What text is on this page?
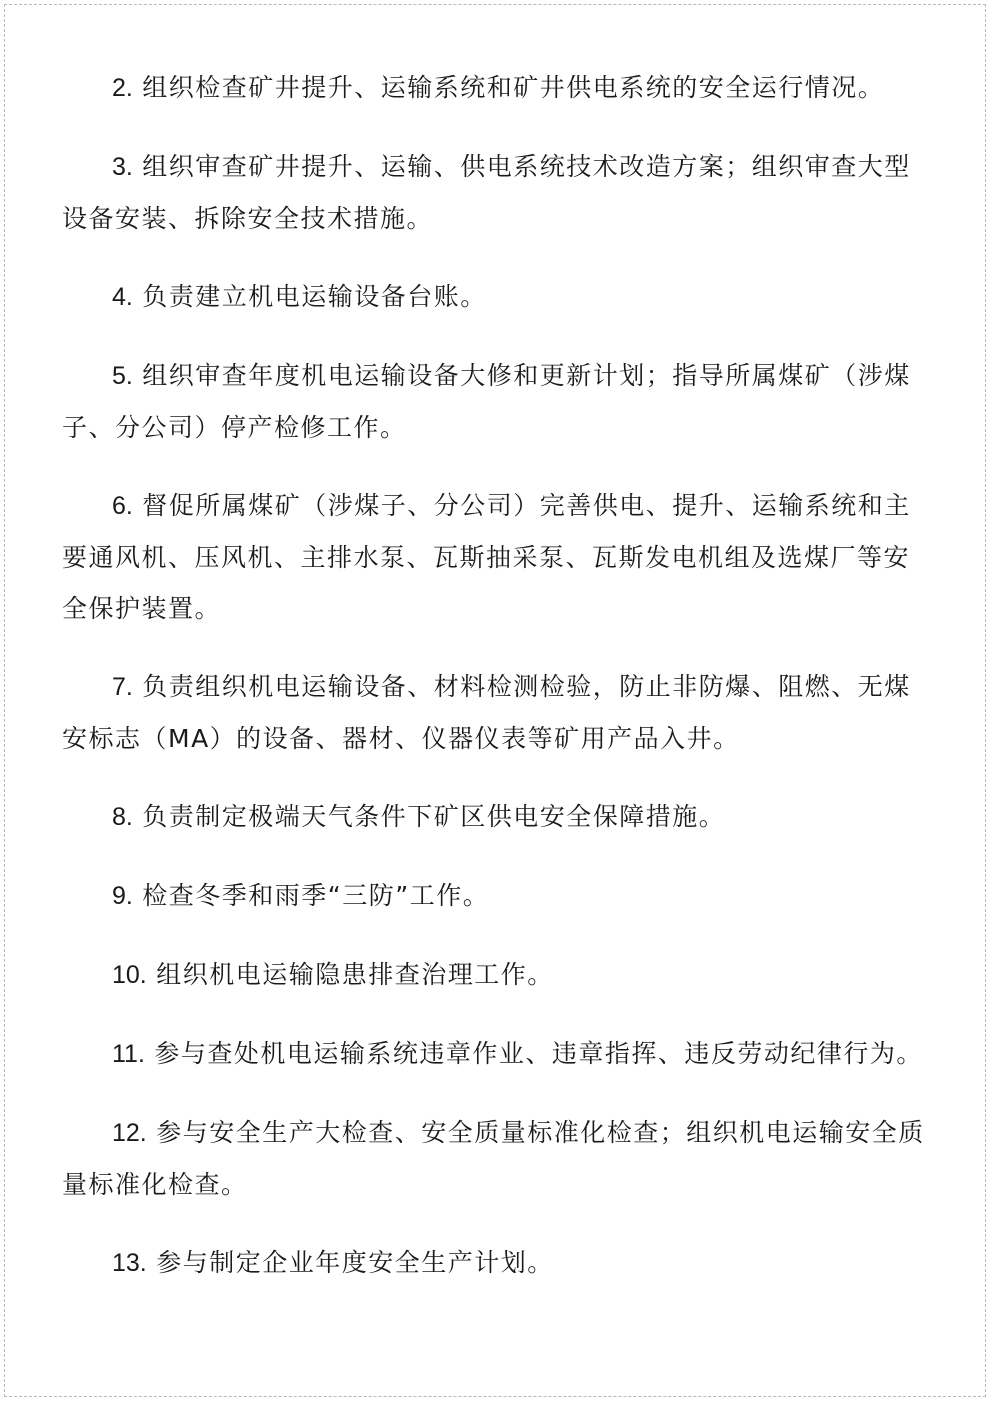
2. 组织检查矿井提升、运输系统和矿井供电系统的安全运行情况。

3. 组织审查矿井提升、运输、供电系统技术改造方案；组织审查大型设备安装、拆除安全技术措施。

4. 负责建立机电运输设备台账。

5. 组织审查年度机电运输设备大修和更新计划；指导所属煤矿（涉煤子、分公司）停产检修工作。

6. 督促所属煤矿（涉煤子、分公司）完善供电、提升、运输系统和主要通风机、压风机、主排水泵、瓦斯抽采泵、瓦斯发电机组及选煤厂等安全保护装置。

7. 负责组织机电运输设备、材料检测检验，防止非防爆、阻燃、无煤安标志（MA）的设备、器材、仪器仪表等矿用产品入井。

8. 负责制定极端天气条件下矿区供电安全保障措施。

9. 检查冬季和雨季“三防”工作。

10. 组织机电运输隐患排查治理工作。

11. 参与查处机电运输系统违章作业、违章指挥、违反劳动纪律行为。

12. 参与安全生产大检查、安全质量标准化检查；组织机电运输安全质量标准化检查。

13. 参与制定企业年度安全生产计划。
